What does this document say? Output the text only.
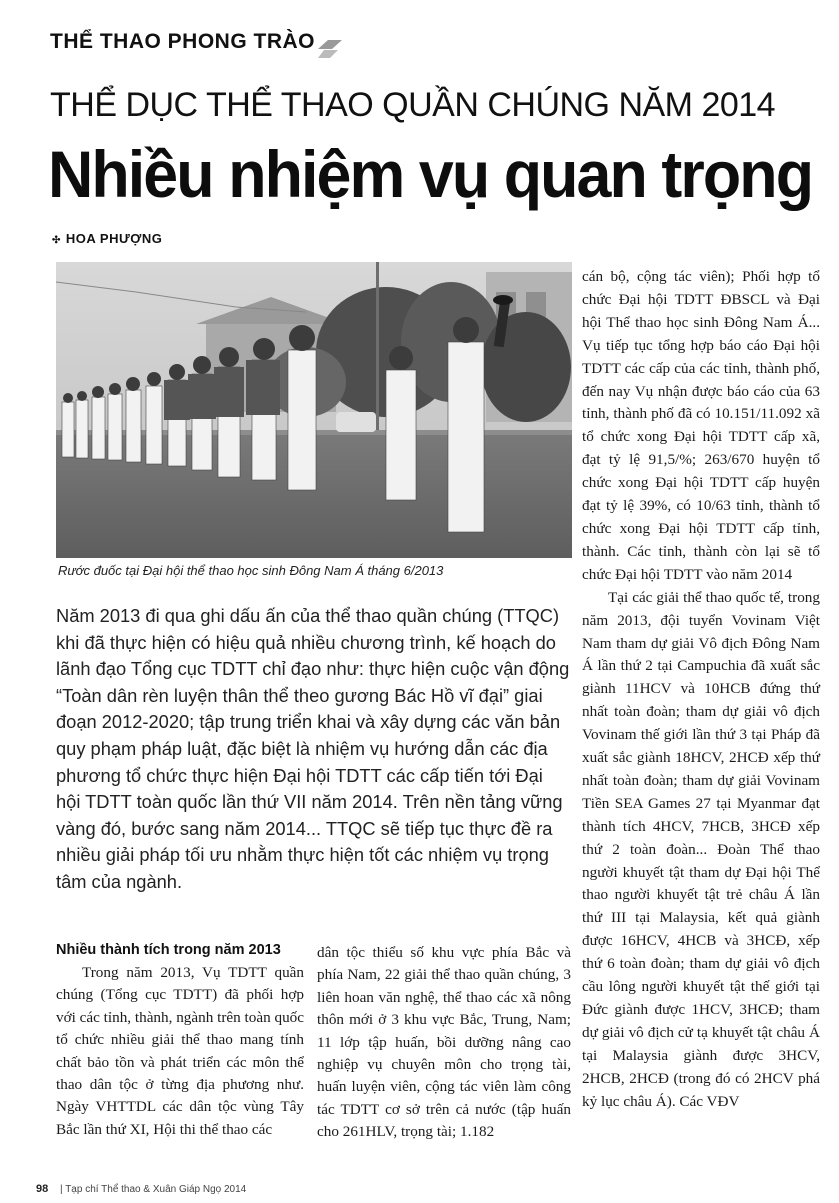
THỂ THAO PHONG TRÀO
THỂ DỤC THỂ THAO QUẦN CHÚNG NĂM 2014
Nhiều nhiệm vụ quan trọng
✣ HOA PHƯỢNG
Rước đuốc tại Đại hội thể thao học sinh Đông Nam Á tháng 6/2013
Năm 2013 đi qua ghi dấu ấn của thể thao quần chúng (TTQC) khi đã thực hiện có hiệu quả nhiều chương trình, kế hoạch do lãnh đạo Tổng cục TDTT chỉ đạo như: thực hiện cuộc vận động “Toàn dân rèn luyện thân thể theo gương Bác Hồ vĩ đại” giai đoạn 2012-2020; tập trung triển khai và xây dựng các văn bản quy phạm pháp luật, đặc biệt là nhiệm vụ hướng dẫn các địa phương tổ chức thực hiện Đại hội TDTT các cấp tiến tới Đại hội TDTT toàn quốc lần thứ VII năm 2014. Trên nền tảng vững vàng đó, bước sang năm 2014... TTQC sẽ tiếp tục thực đề ra nhiều giải pháp tối ưu nhằm thực hiện tốt các nhiệm vụ trọng tâm của ngành.

cán bộ, cộng tác viên); Phối hợp tổ chức Đại hội TDTT ĐBSCL và Đại hội Thể thao học sinh Đông Nam Á... Vụ tiếp tục tổng hợp báo cáo Đại hội TDTT các cấp của các tỉnh, thành phố, đến nay Vụ nhận được báo cáo của 63 tỉnh, thành phố đã có 10.151/11.092 xã tổ chức xong Đại hội TDTT cấp xã, đạt tỷ lệ 91,5/%; 263/670 huyện tổ chức xong Đại hội TDTT cấp huyện đạt tỷ lệ 39%, có 10/63 tỉnh, thành tổ chức xong Đại hội TDTT cấp tỉnh, thành. Các tỉnh, thành còn lại sẽ tổ chức Đại hội TDTT vào năm 2014

Tại các giải thể thao quốc tế, trong năm 2013, đội tuyển Vovinam Việt Nam tham dự giải Vô địch Đông Nam Á lần thứ 2 tại Campuchia đã xuất sắc giành 11HCV và 10HCB đứng thứ nhất toàn đoàn; tham dự giải vô địch Vovinam thế giới lần thứ 3 tại Pháp đã xuất sắc giành 18HCV, 2HCĐ xếp thứ nhất toàn đoàn; tham dự giải Vovinam Tiền SEA Games 27 tại Myanmar đạt thành tích 4HCV, 7HCB, 3HCĐ xếp thứ 2 toàn đoàn... Đoàn Thể thao người khuyết tật tham dự Đại hội Thể thao người khuyết tật trẻ châu Á lần thứ III tại Malaysia, kết quả giành được 16HCV, 4HCB và 3HCĐ, xếp thứ 6 toàn đoàn; tham dự giải vô địch cầu lông người khuyết tật thế giới tại Đức giành được 1HCV, 3HCĐ; tham dự giải vô địch cử tạ khuyết tật châu Á tại Malaysia giành được 3HCV, 2HCB, 2HCĐ (trong đó có 2HCV phá kỷ lục châu Á). Các VĐV

Nhiều thành tích trong năm 2013
Trong năm 2013, Vụ TDTT quần chúng (Tổng cục TDTT) đã phối hợp với các tỉnh, thành, ngành trên toàn quốc tổ chức nhiều giải thể thao mang tính chất bảo tồn và phát triển các môn thể thao dân tộc ở từng địa phương như. Ngày VHTTDL các dân tộc vùng Tây Bắc lần thứ XI, Hội thi thể thao các
dân tộc thiểu số khu vực phía Bắc và phía Nam, 22 giải thể thao quần chúng, 3 liên hoan văn nghệ, thể thao các xã nông thôn mới ở 3 khu vực Bắc, Trung, Nam; 11 lớp tập huấn, bồi dưỡng nâng cao nghiệp vụ chuyên môn cho trọng tài, huấn luyện viên, cộng tác viên làm công tác TDTT cơ sở trên cả nước (tập huấn cho 261HLV, trọng tài; 1.182
98 | Tạp chí Thể thao & Xuân Giáp Ngọ 2014
